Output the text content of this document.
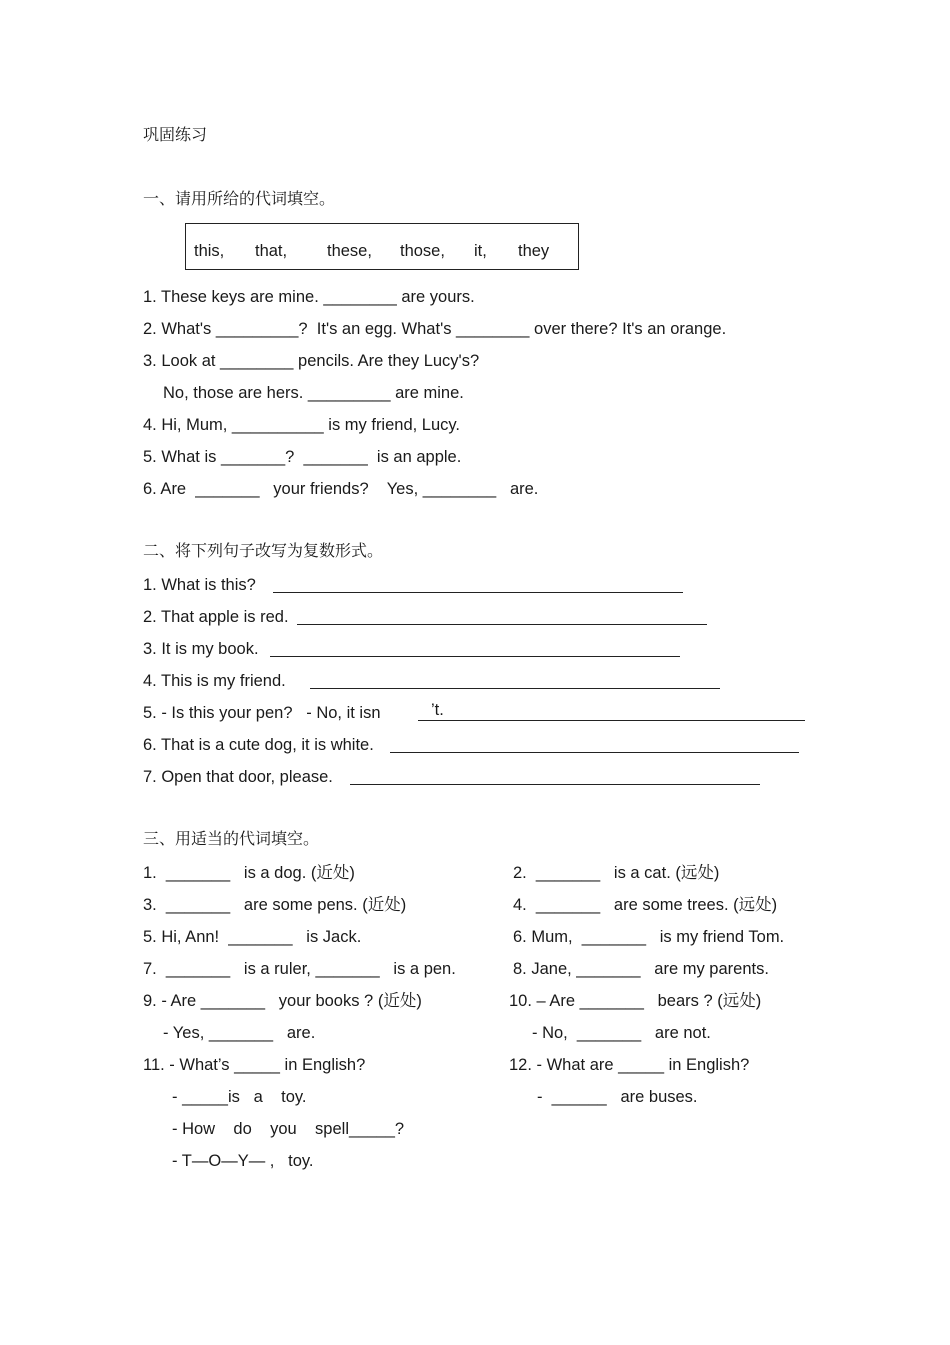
巩固练习
一、请用所给的代词填空。
this, that, these, those, it, they
1. These keys are mine. ________ are yours.
2. What's _________?  It's an egg. What's ________ over there? It's an orange.
3. Look at ________ pencils. Are they Lucy's?
No, those are hers. _________ are mine.
4. Hi, Mum, __________ is my friend, Lucy.
5. What is _______?  _______  is an apple.
6. Are  _______   your friends?    Yes, ________   are.
二、将下列句子改写为复数形式。
1. What is this?
2. That apple is red.
3. It is my book.
4. This is my friend.
5. - Is this your pen?   - No, it isn	’t.
6. That is a cute dog, it is white.
7. Open that door, please.
三、用适当的代词填空。
1.  _______   is a dog. (近处)
3.  _______   are some pens. (近处)
5. Hi, Ann!  _______   is Jack.
7.  _______   is a ruler, _______   is a pen.
9. - Are _______   your books ? (近处)
- Yes, _______   are.
11. - What’s _____ in English?
- _____is   a    toy.
- How    do    you    spell_____?
- T—O—Y— ,   toy.
2.  _______   is a cat. (远处)
4.  _______   are some trees. (远处)
6. Mum,  _______   is my friend Tom.
8. Jane, _______   are my parents.
10. – Are _______   bears ? (远处)
- No,  _______   are not.
12. - What are _____ in English?
-  ______   are buses.
